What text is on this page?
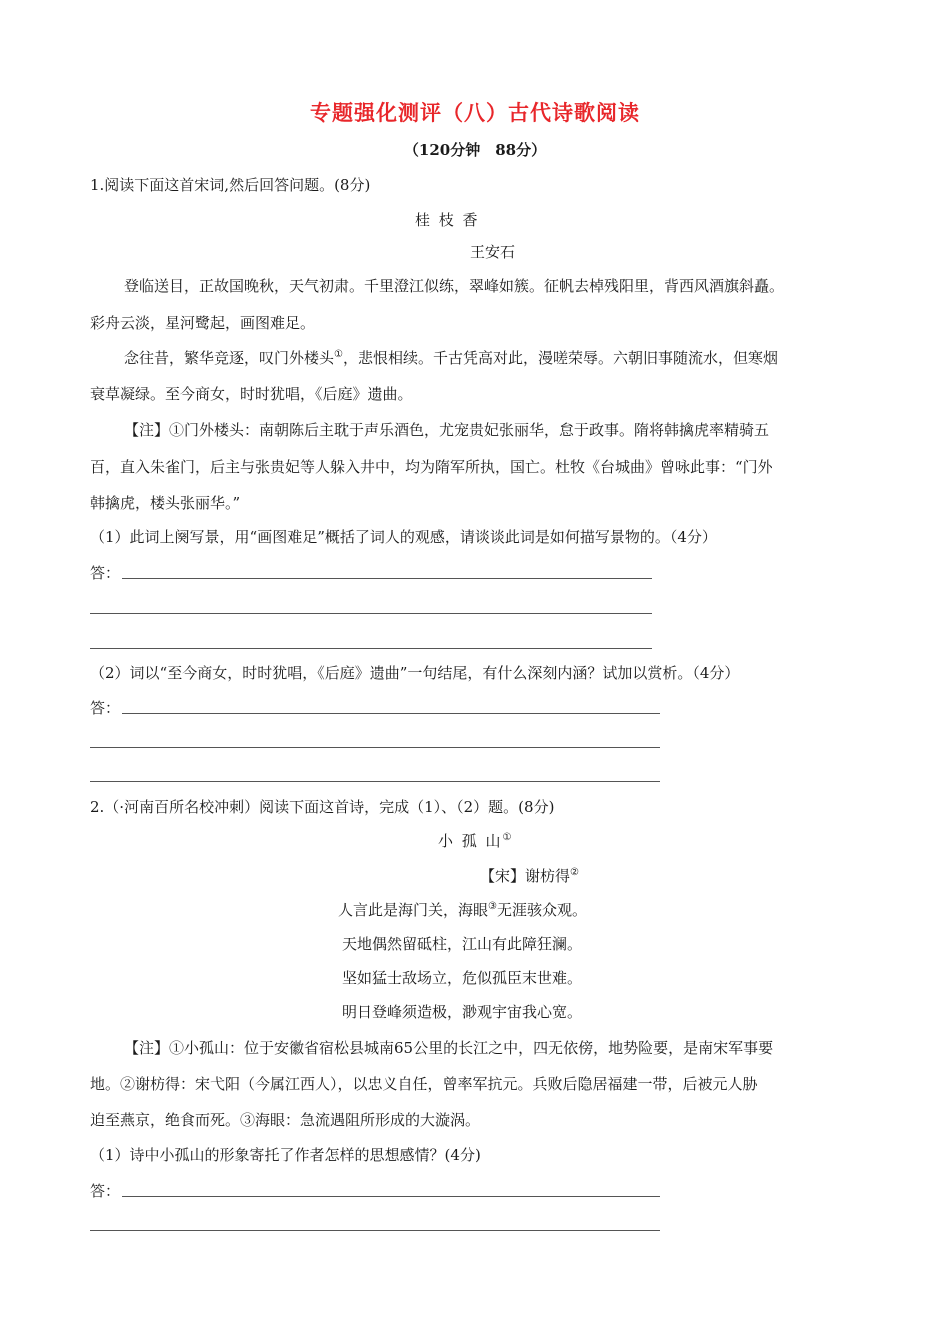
专题强化测评（八）古代诗歌阅读
（120分钟　88分）
1.阅读下面这首宋词,然后回答问题。(8分)
桂 枝 香
王安石
登临送目，正故国晚秋，天气初肃。千里澄江似练，翠峰如簇。征帆去棹残阳里，背西风酒旗斜矗。
彩舟云淡，星河鹭起，画图难足。
念往昔，繁华竞逐，叹门外楼头①，悲恨相续。千古凭高对此，漫嗟荣辱。六朝旧事随流水，但寒烟
衰草凝绿。至今商女，时时犹唱，《后庭》遗曲。
【注】①门外楼头：南朝陈后主耽于声乐酒色，尤宠贵妃张丽华，怠于政事。隋将韩擒虎率精骑五
百，直入朱雀门，后主与张贵妃等人躲入井中，均为隋军所执，国亡。杜牧《台城曲》曾咏此事：“门外
韩擒虎，楼头张丽华。”
（1）此词上阕写景，用“画图难足”概括了词人的观感，请谈谈此词是如何描写景物的。（4分）
答：
（2）词以“至今商女，时时犹唱，《后庭》遗曲”一句结尾，有什么深刻内涵？试加以赏析。（4分）
答：
2.（·河南百所名校冲刺）阅读下面这首诗，完成（1）、（2）题。(8分)
小 孤 山①
【宋】谢枋得②
人言此是海门关，海眼③无涯骇众观。
天地偶然留砥柱，江山有此障狂澜。
坚如猛士敌场立，危似孤臣末世难。
明日登峰须造极，渺观宇宙我心宽。
【注】①小孤山：位于安徽省宿松县城南65公里的长江之中，四无依傍，地势险要，是南宋军事要
地。②谢枋得：宋弋阳（今属江西人），以忠义自任，曾率军抗元。兵败后隐居福建一带，后被元人胁
迫至燕京，绝食而死。③海眼：急流遇阻所形成的大漩涡。
（1）诗中小孤山的形象寄托了作者怎样的思想感情？(4分)
答：
